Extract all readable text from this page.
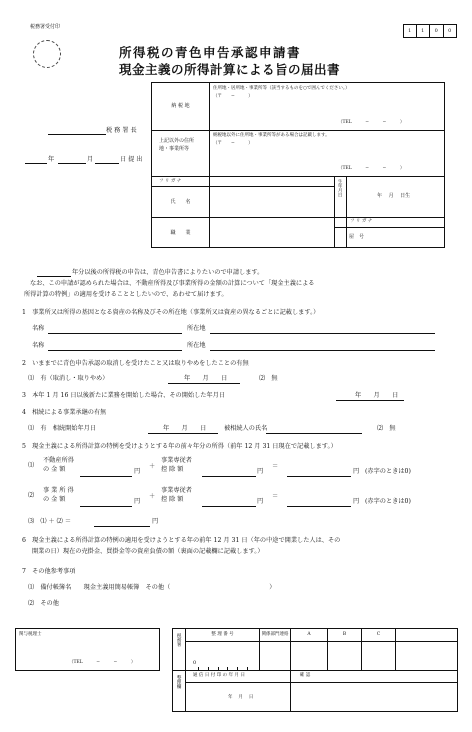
税務署受付印
1	1	0	0
所得税の青色申告承認申請書
現金主義の所得計算による旨の届出書
税 務 署 長
年	月	日 提 出
納 税 地
住所地・居所地・事業所等（該当するものを○で囲んでください。）
（〒　　−　　　）
（TEL　　　−　　　−　　　）
上記以外の住所地・事業所等
納税地以外に住所地・事業所等がある場合は記載します。
（〒　　−　　　）
（TEL　　　−　　　−　　　）
フ リ ガ ナ
氏　　名
生年月日	年　 月　 日生
職　　業
フ リ ガ ナ
屋　号
年分以後の所得税の申告は、青色申告書によりたいので申請します。
なお、この申請が認められた場合は、不動産所得及び事業所得の金額の計算について「現金主義による
所得計算の特例」の適用を受けることとしたいので、あわせて届けます。
1　事業所又は所得の基因となる資産の名称及びその所在地（事業所又は資産の異なるごとに記載します。）
名称	所在地
名称	所在地
2　いままでに青色申告承認の取消しを受けたこと又は取りやめをしたことの有無
⑴　有（取消し・取りやめ）	年　　月　　日	⑵　無
3　本年 1 月 16 日以後新たに業務を開始した場合、その開始した年月日	年　　月　　日
4　相続による事業承継の有無
⑴　有　相続開始年月日	年　　月　　日	被相続人の氏名	⑵　無
5　現金主義による所得計算の特例を受けようとする年の前々年分の所得（前年 12 月 31 日現在で記載します。）
⑴
不動産所得
の 金 額	円
＋
事業専従者
控 除 額	円
＝
円 (赤字のときは0)
⑵
事 業 所 得
の 金 額	円
＋
事業専従者
控 除 額	円
＝
円 (赤字のときは0)
⑶　⑴ ＋ ⑵ ＝	円
6　現金主義による所得計算の特例の適用を受けようとする年の前年 12 月 31 日（年の中途で開業した人は、その
開業の日）現在の売掛金、買掛金等の資産負債の額（裏面の記載欄に記載します。）
7　その他参考事項
⑴　備付帳簿名　　現金主義用簡易帳簿　その他（　　　　　　　　　　　　　　　　）
⑵　その他
関与税理士
（TEL　　　−　　　−　　　）
税務署
整理欄
整 理 番 号	関係部門連絡	A	B	C
0
通 信 日 付 印 の 年 月 日	確 認
年　 月　 日
